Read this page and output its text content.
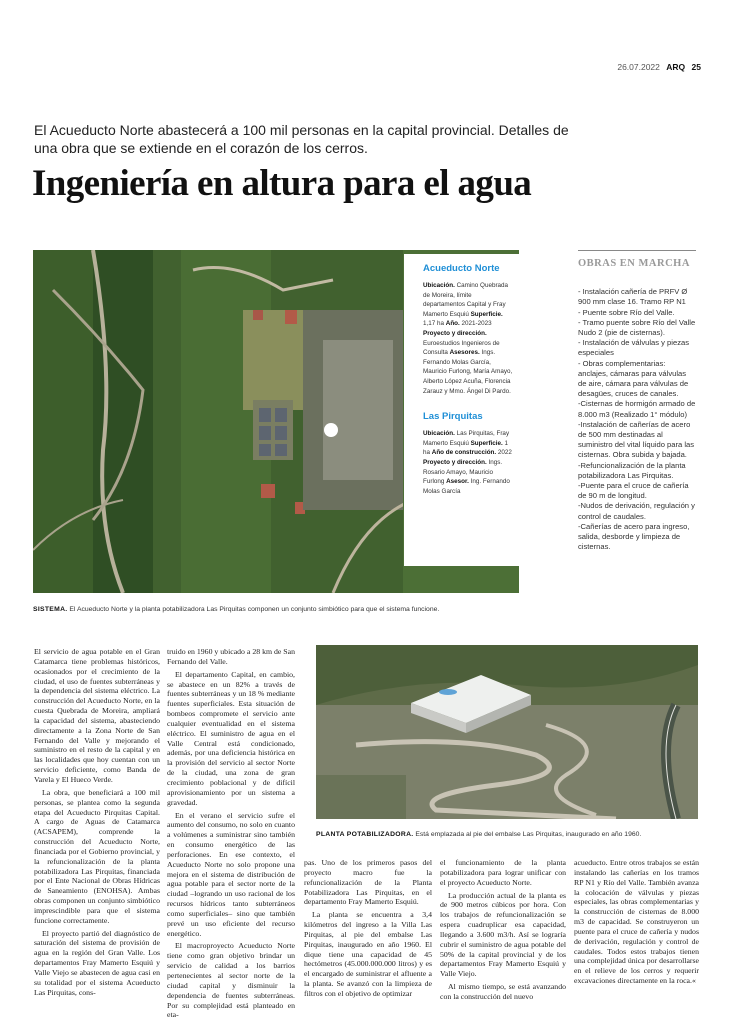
26.07.2022 ARQ 25
El Acueducto Norte abastecerá a 100 mil personas en la capital provincial. Detalles de una obra que se extiende en el corazón de los cerros.
Ingeniería en altura para el agua
Acueducto Norte
Ubicación. Camino Quebrada de Moreira, límite departamentos Capital y Fray Mamerto Esquiú Superficie. 1,17 ha Año. 2021-2023 Proyecto y dirección. Euroestudios Ingenieros de Consulta Asesores. Ings. Fernando Molas García, Mauricio Furlong, María Amayo, Alberto López Acuña, Florencia Zarauz y Mmo. Ángel Di Pardo.
Las Pirquitas
Ubicación. Las Pirquitas, Fray Mamerto Esquiú Superficie. 1 ha Año de construcción. 2022 Proyecto y dirección. Ings. Rosario Amayo, Mauricio Furlong Asesor. Ing. Fernando Molas García
OBRAS EN MARCHA

- Instalación cañería de PRFV Ø 900 mm clase 16. Tramo RP N1

- Puente sobre Río del Valle.

- Tramo puente sobre Río del Valle Nudo 2 (pie de cisternas).

- Instalación de válvulas y piezas especiales

- Obras complementarias: anclajes, cámaras para válvulas de aire, cámara para válvulas de desagües, cruces de canales.

-Cisternas de hormigón armado de 8.000 m3 (Realizado 1° módulo)

-Instalación de cañerías de acero de 500 mm destinadas al suministro del vital líquido para las cisternas. Obra subida y bajada.

-Refuncionalización de la planta potabilizadora Las Pirquitas.

-Puente para el cruce de cañería de 90 m de longitud.

-Nudos de derivación, regulación y control de caudales.

-Cañerías de acero para ingreso, salida, desborde y limpieza de cisternas.

SISTEMA. El Acueducto Norte y la planta potabilizadora Las Pirquitas componen un conjunto simbiótico para que el sistema funcione.
PLANTA POTABILIZADORA. Está emplazada al pie del embalse Las Pirquitas, inaugurado en año 1960.

El servicio de agua potable en el Gran Catamarca tiene problemas históricos, ocasionados por el crecimiento de la ciudad, el uso de fuentes subterráneas y la dependencia del sistema eléctrico. La construcción del Acueducto Norte, en la cuesta Quebrada de Moreira, ampliará la capacidad del sistema, abasteciendo directamente a la Zona Norte de San Fernando del Valle y mejorando el suministro en el resto de la capital y en las localidades que hoy cuentan con un servicio deficiente, como Banda de Varela y El Hueco Verde.

La obra, que beneficiará a 100 mil personas, se plantea como la segunda etapa del Acueducto Pirquitas Capital. A cargo de Aguas de Catamarca (ACSAPEM), comprende la construcción del Acueducto Norte, financiada por el Gobierno provincial, y la refuncionalización de la planta potabilizadora Las Pirquitas, financiada por el Ente Nacional de Obras Hídricas de Saneamiento (ENOHSA). Ambas obras componen un conjunto simbiótico imprescindible para que el sistema funcione correctamente.

El proyecto partió del diagnóstico de saturación del sistema de provisión de agua en la región del Gran Valle. Los departamentos Fray Mamerto Esquiú y Valle Viejo se abastecen de agua casi en su totalidad por el sistema Acueducto Las Pirquitas, cons-

truido en 1960 y ubicado a 28 km de San Fernando del Valle.

El departamento Capital, en cambio, se abastece en un 82% a través de fuentes subterráneas y un 18 % mediante fuentes superficiales. Esta situación de bombeos compromete el servicio ante cualquier eventualidad en el sistema eléctrico. El suministro de agua en el Valle Central está condicionado, además, por una deficiencia histórica en la provisión del servicio al sector Norte de la ciudad, una zona de gran crecimiento poblacional y de difícil aprovisionamiento por un sistema a gravedad.

En el verano el servicio sufre el aumento del consumo, no solo en cuanto a volúmenes a suministrar sino también en consumo energético de las perforaciones. En ese contexto, el Acueducto Norte no solo propone una mejora en el sistema de distribución de agua potable para el sector norte de la ciudad –logrando un uso racional de los recursos hídricos tanto subterráneos como superficiales– sino que también prevé un uso eficiente del recurso energético.

El macroproyecto Acueducto Norte tiene como gran objetivo brindar un servicio de calidad a los barrios pertenecientes al sector norte de la ciudad capital y disminuir la dependencia de fuentes subterráneas. Por su complejidad está planteado en eta-

pas. Uno de los primeros pasos del proyecto macro fue la refuncionalización de la Planta Potabilizadora Las Pirquitas, en el departamento Fray Mamerto Esquiú.

La planta se encuentra a 3,4 kilómetros del ingreso a la Villa Las Pirquitas, al pie del embalse Las Pirquitas, inaugurado en año 1960. El dique tiene una capacidad de 45 hectómetros (45.000.000.000 litros) y es el encargado de suministrar el afluente a la planta. Se avanzó con la limpieza de filtros con el objetivo de optimizar

el funcionamiento de la planta potabilizadora para lograr unificar con el proyecto Acueducto Norte.

La producción actual de la planta es de 900 metros cúbicos por hora. Con los trabajos de refuncionalización se espera cuadruplicar esa capacidad, llegando a 3.600 m3/h. Así se lograría cubrir el suministro de agua potable del 50% de la capital provincial y de los departamentos Fray Mamerto Esquiú y Valle Viejo.

Al mismo tiempo, se está avanzando con la construcción del nuevo

acueducto. Entre otros trabajos se están instalando las cañerías en los tramos RP N1 y Río del Valle. También avanza la colocación de válvulas y piezas especiales, las obras complementarias y la construcción de cisternas de 8.000 m3 de capacidad. Se construyeron un puente para el cruce de cañería y nudos de derivación, regulación y control de caudales. Todos estos trabajos tienen una complejidad única por desarrollarse en el relieve de los cerros y requerir excavaciones directamente en la roca.«
